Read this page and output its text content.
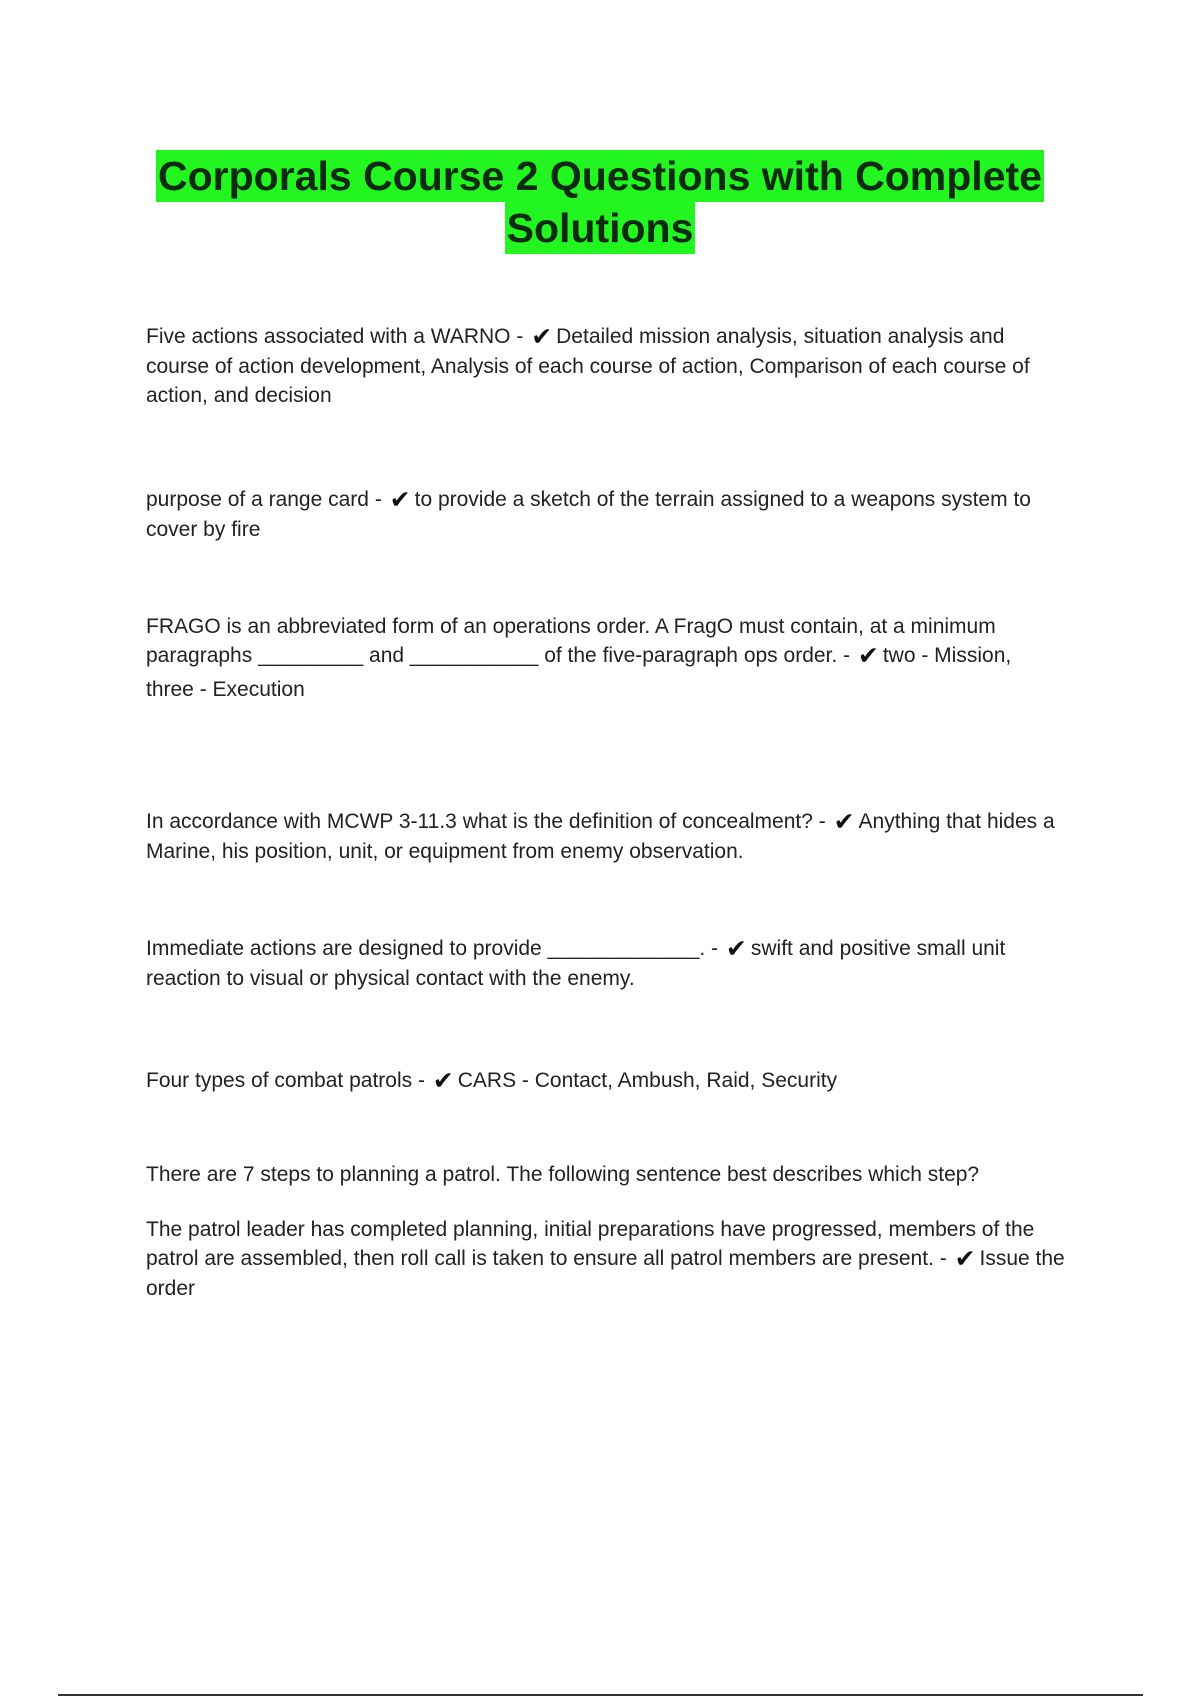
Corporals Course 2 Questions with Complete
Solutions

Five actions associated with a WARNO - ✔ Detailed mission analysis, situation analysis and course of action development, Analysis of each course of action, Comparison of each course of action, and decision

purpose of a range card - ✔ to provide a sketch of the terrain assigned to a weapons system to cover by fire

FRAGO is an abbreviated form of an operations order. A FragO must contain, at a minimum paragraphs _________ and ___________ of the five-paragraph ops order. - ✔ two - Mission,

three - Execution

In accordance with MCWP 3-11.3 what is the definition of concealment? - ✔ Anything that hides a Marine, his position, unit, or equipment from enemy observation.

Immediate actions are designed to provide _____________. - ✔ swift and positive small unit reaction to visual or physical contact with the enemy.

Four types of combat patrols - ✔ CARS - Contact, Ambush, Raid, Security

There are 7 steps to planning a patrol. The following sentence best describes which step?

The patrol leader has completed planning, initial preparations have progressed, members of the patrol are assembled, then roll call is taken to ensure all patrol members are present. - ✔ Issue the order
